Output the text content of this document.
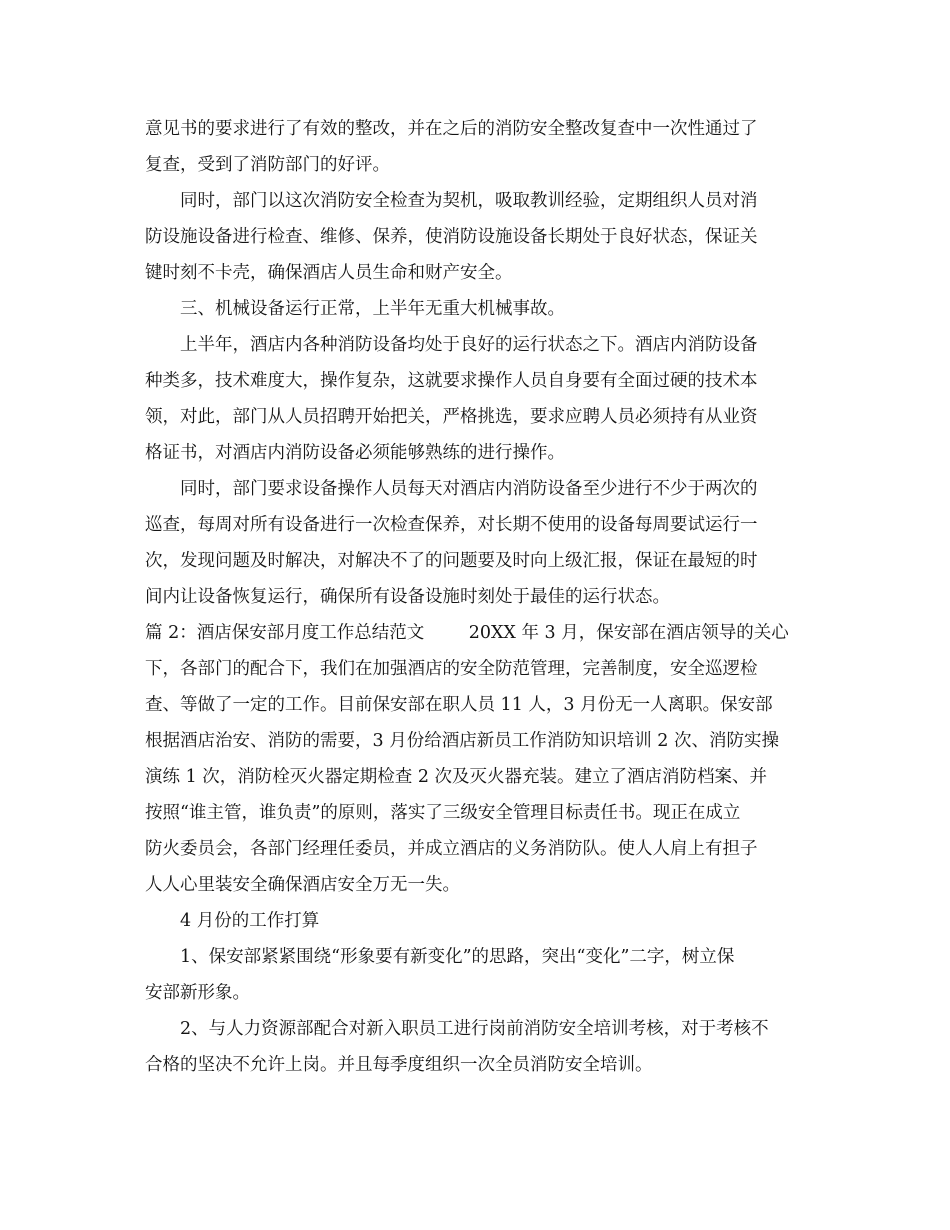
意见书的要求进行了有效的整改，并在之后的消防安全整改复查中一次性通过了
复查，受到了消防部门的好评。
同时，部门以这次消防安全检查为契机，吸取教训经验，定期组织人员对消
防设施设备进行检查、维修、保养，使消防设施设备长期处于良好状态，保证关
键时刻不卡壳，确保酒店人员生命和财产安全。
三、机械设备运行正常，上半年无重大机械事故。
上半年，酒店内各种消防设备均处于良好的运行状态之下。酒店内消防设备
种类多，技术难度大，操作复杂，这就要求操作人员自身要有全面过硬的技术本
领，对此，部门从人员招聘开始把关，严格挑选，要求应聘人员必须持有从业资
格证书，对酒店内消防设备必须能够熟练的进行操作。
同时，部门要求设备操作人员每天对酒店内消防设备至少进行不少于两次的
巡查，每周对所有设备进行一次检查保养，对长期不使用的设备每周要试运行一
次，发现问题及时解决，对解决不了的问题要及时向上级汇报，保证在最短的时
间内让设备恢复运行，确保所有设备设施时刻处于最佳的运行状态。
篇 2：酒店保安部月度工作总结范文        20XX 年 3 月，保安部在酒店领导的关心
下，各部门的配合下，我们在加强酒店的安全防范管理，完善制度，安全巡逻检
查、等做了一定的工作。目前保安部在职人员 11 人，3 月份无一人离职。保安部
根据酒店治安、消防的需要，3 月份给酒店新员工作消防知识培训 2 次、消防实操
演练 1 次，消防栓灭火器定期检查 2 次及灭火器充装。建立了酒店消防档案、并
按照“谁主管，谁负责”的原则，落实了三级安全管理目标责任书。现正在成立
防火委员会，各部门经理任委员，并成立酒店的义务消防队。使人人肩上有担子
人人心里装安全确保酒店安全万无一失。
4 月份的工作打算
1、保安部紧紧围绕“形象要有新变化”的思路，突出“变化”二字，树立保
安部新形象。
2、与人力资源部配合对新入职员工进行岗前消防安全培训考核，对于考核不
合格的坚决不允许上岗。并且每季度组织一次全员消防安全培训。
